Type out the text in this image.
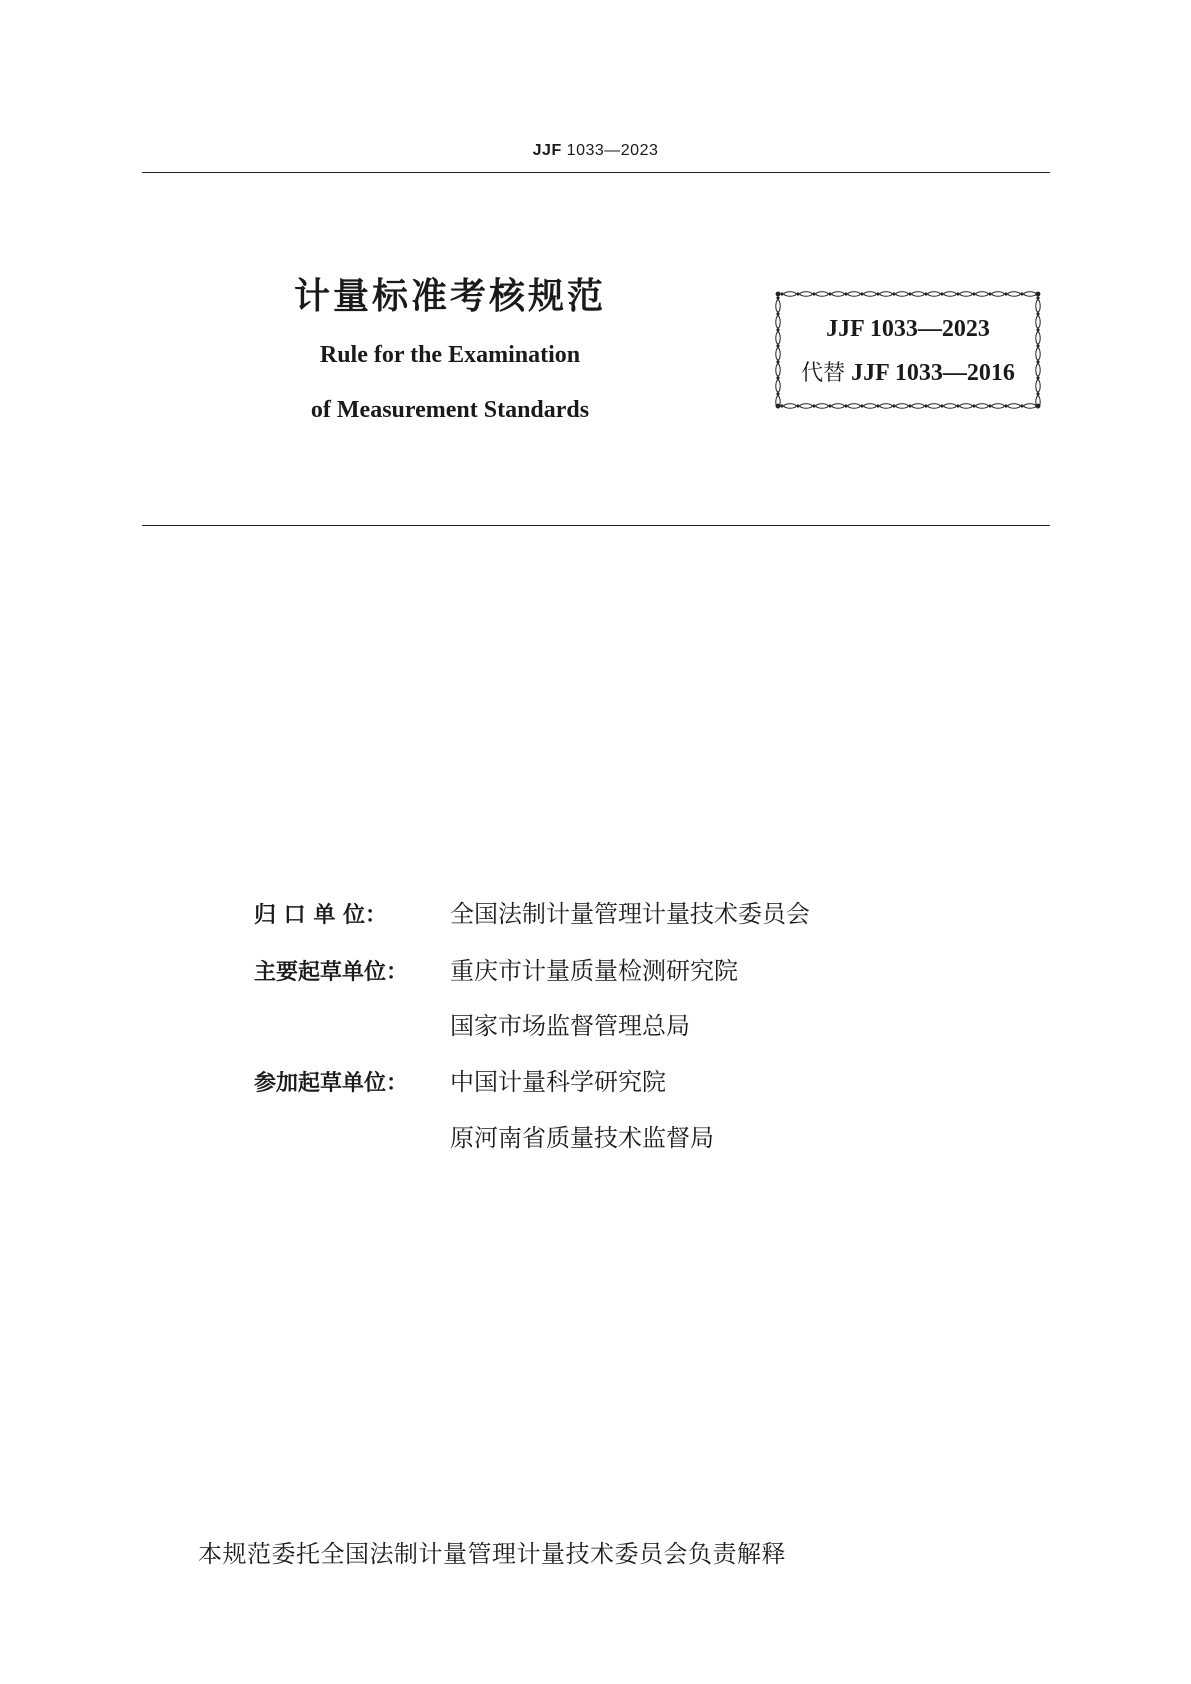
JJF 1033—2023
计量标准考核规范
Rule for the Examination
of Measurement Standards
JJF 1033—2023
代替 JJF 1033—2016
归 口 单 位：	全国法制计量管理计量技术委员会
主要起草单位： 重庆市计量质量检测研究院
国家市场监督管理总局
参加起草单位： 中国计量科学研究院
原河南省质量技术监督局
本规范委托全国法制计量管理计量技术委员会负责解释
